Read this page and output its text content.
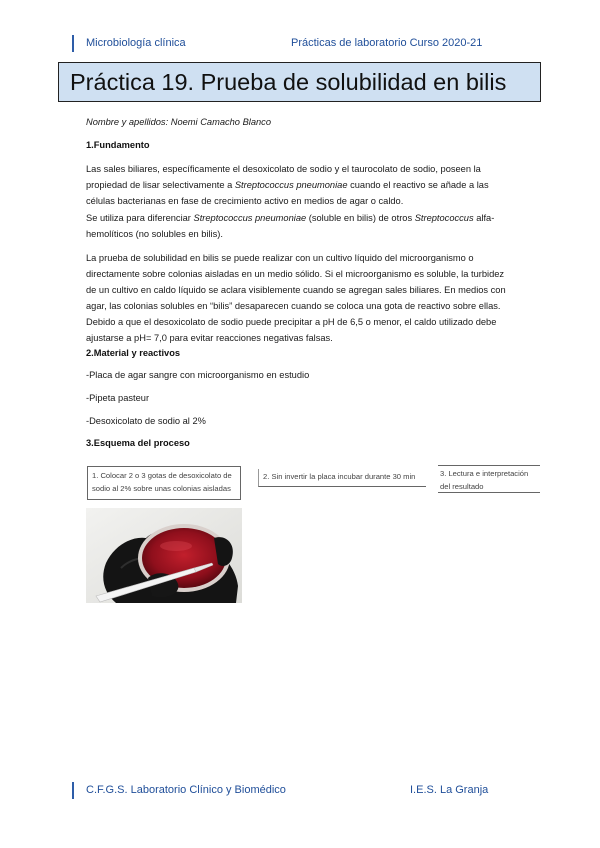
Microbiología clínica	Prácticas de laboratorio Curso 2020-21
Práctica 19. Prueba de solubilidad en bilis
Nombre y apellidos: Noemi Camacho Blanco
1.Fundamento
Las sales biliares, específicamente el desoxicolato de sodio y el taurocolato de sodio, poseen la propiedad de lisar selectivamente a Streptococcus pneumoniae cuando el reactivo se añade a las células bacterianas en fase de crecimiento activo en medios de agar o caldo.
Se utiliza para diferenciar Streptococcus pneumoniae (soluble en bilis) de otros Streptococcus alfa-hemolíticos (no solubles en bilis).
La prueba de solubilidad en bilis se puede realizar con un cultivo líquido del microorganismo o directamente sobre colonias aisladas en un medio sólido. Si el microorganismo es soluble, la turbidez de un cultivo en caldo líquido se aclara visiblemente cuando se agregan sales biliares. En medios con agar, las colonias solubles en “bilis” desaparecen cuando se coloca una gota de reactivo sobre ellas. Debido a que el desoxicolato de sodio puede precipitar a pH de 6,5 o menor, el caldo utilizado debe ajustarse a pH= 7,0 para evitar reacciones negativas falsas.
2.Material y reactivos
-Placa de agar sangre con microorganismo en estudio
-Pipeta pasteur
-Desoxicolato de sodio al 2%
3.Esquema del proceso
1. Colocar 2 o 3 gotas de desoxicolato de sodio al 2% sobre unas colonias aisladas
2. Sin invertir la placa incubar durante 30 min	3. Lectura e interpretación del resultado
C.F.G.S. Laboratorio Clínico y Biomédico	I.E.S. La Granja
